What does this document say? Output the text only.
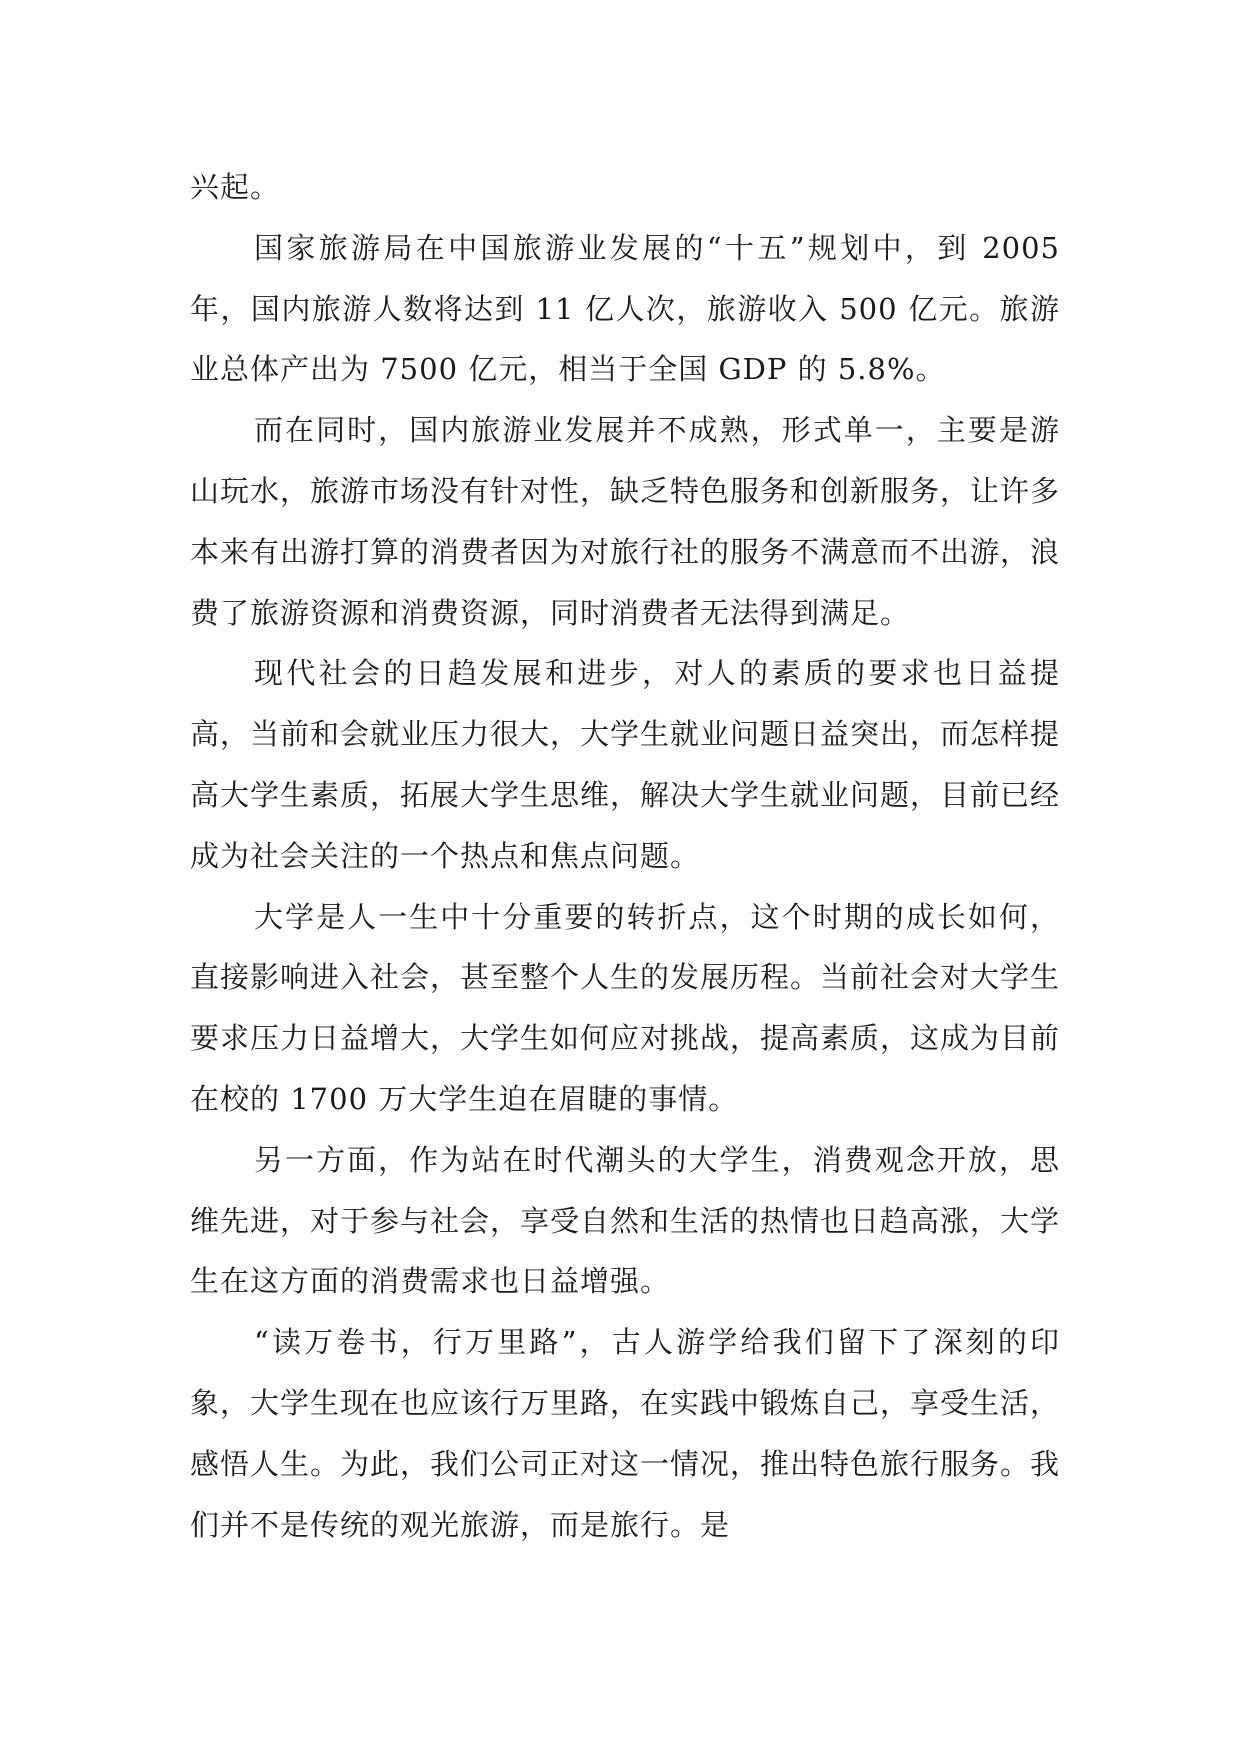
兴起。

国家旅游局在中国旅游业发展的“十五”规划中，到 2005 年，国内旅游人数将达到 11 亿人次，旅游收入 500 亿元。旅游业总体产出为 7500 亿元，相当于全国 GDP 的 5.8%。

而在同时，国内旅游业发展并不成熟，形式单一，主要是游山玩水，旅游市场没有针对性，缺乏特色服务和创新服务，让许多本来有出游打算的消费者因为对旅行社的服务不满意而不出游，浪费了旅游资源和消费资源，同时消费者无法得到满足。

现代社会的日趋发展和进步，对人的素质的要求也日益提高，当前和会就业压力很大，大学生就业问题日益突出，而怎样提高大学生素质，拓展大学生思维，解决大学生就业问题，目前已经成为社会关注的一个热点和焦点问题。

大学是人一生中十分重要的转折点，这个时期的成长如何，直接影响进入社会，甚至整个人生的发展历程。当前社会对大学生要求压力日益增大，大学生如何应对挑战，提高素质，这成为目前在校的 1700 万大学生迫在眉睫的事情。

另一方面，作为站在时代潮头的大学生，消费观念开放，思维先进，对于参与社会，享受自然和生活的热情也日趋高涨，大学生在这方面的消费需求也日益增强。

“读万卷书，行万里路”，古人游学给我们留下了深刻的印象，大学生现在也应该行万里路，在实践中锻炼自己，享受生活，感悟人生。为此，我们公司正对这一情况，推出特色旅行服务。我们并不是传统的观光旅游，而是旅行。是
